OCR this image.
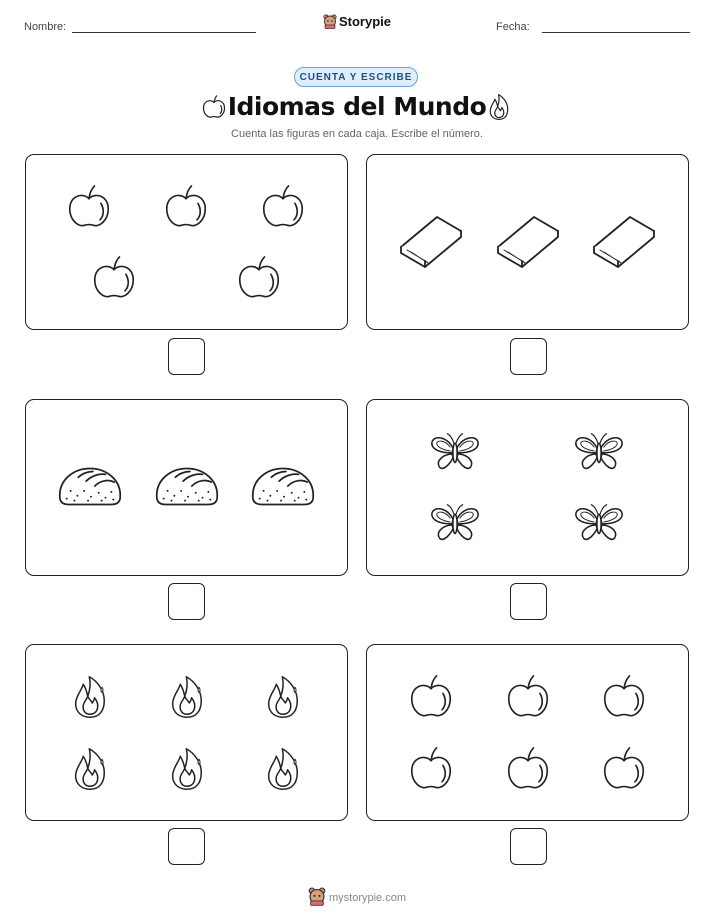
Nombre:	Storypie	Fecha:
CUENTA Y ESCRIBE
Idiomas del Mundo
Cuenta las figuras en cada caja. Escribe el número.
mystorypie.com
